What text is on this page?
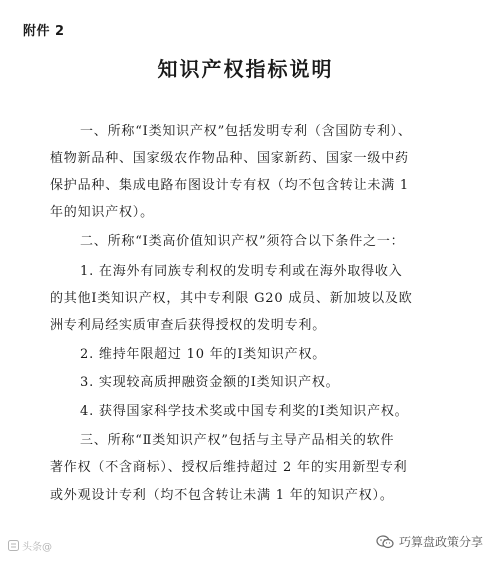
附件 2
知识产权指标说明
一、所称“Ⅰ类知识产权”包括发明专利（含国防专利）、
植物新品种、国家级农作物品种、国家新药、国家一级中药
保护品种、集成电路布图设计专有权（均不包含转让未满 1
年的知识产权）。
二、所称“Ⅰ类高价值知识产权”须符合以下条件之一：
1. 在海外有同族专利权的发明专利或在海外取得收入
的其他Ⅰ类知识产权，其中专利限 G20 成员、新加坡以及欧
洲专利局经实质审查后获得授权的发明专利。
2. 维持年限超过 10 年的Ⅰ类知识产权。
3. 实现较高质押融资金额的Ⅰ类知识产权。
4. 获得国家科学技术奖或中国专利奖的Ⅰ类知识产权。
三、所称“Ⅱ类知识产权”包括与主导产品相关的软件
著作权（不含商标）、授权后维持超过 2 年的实用新型专利
或外观设计专利（均不包含转让未满 1 年的知识产权）。
头条@	巧算盘政策分享
